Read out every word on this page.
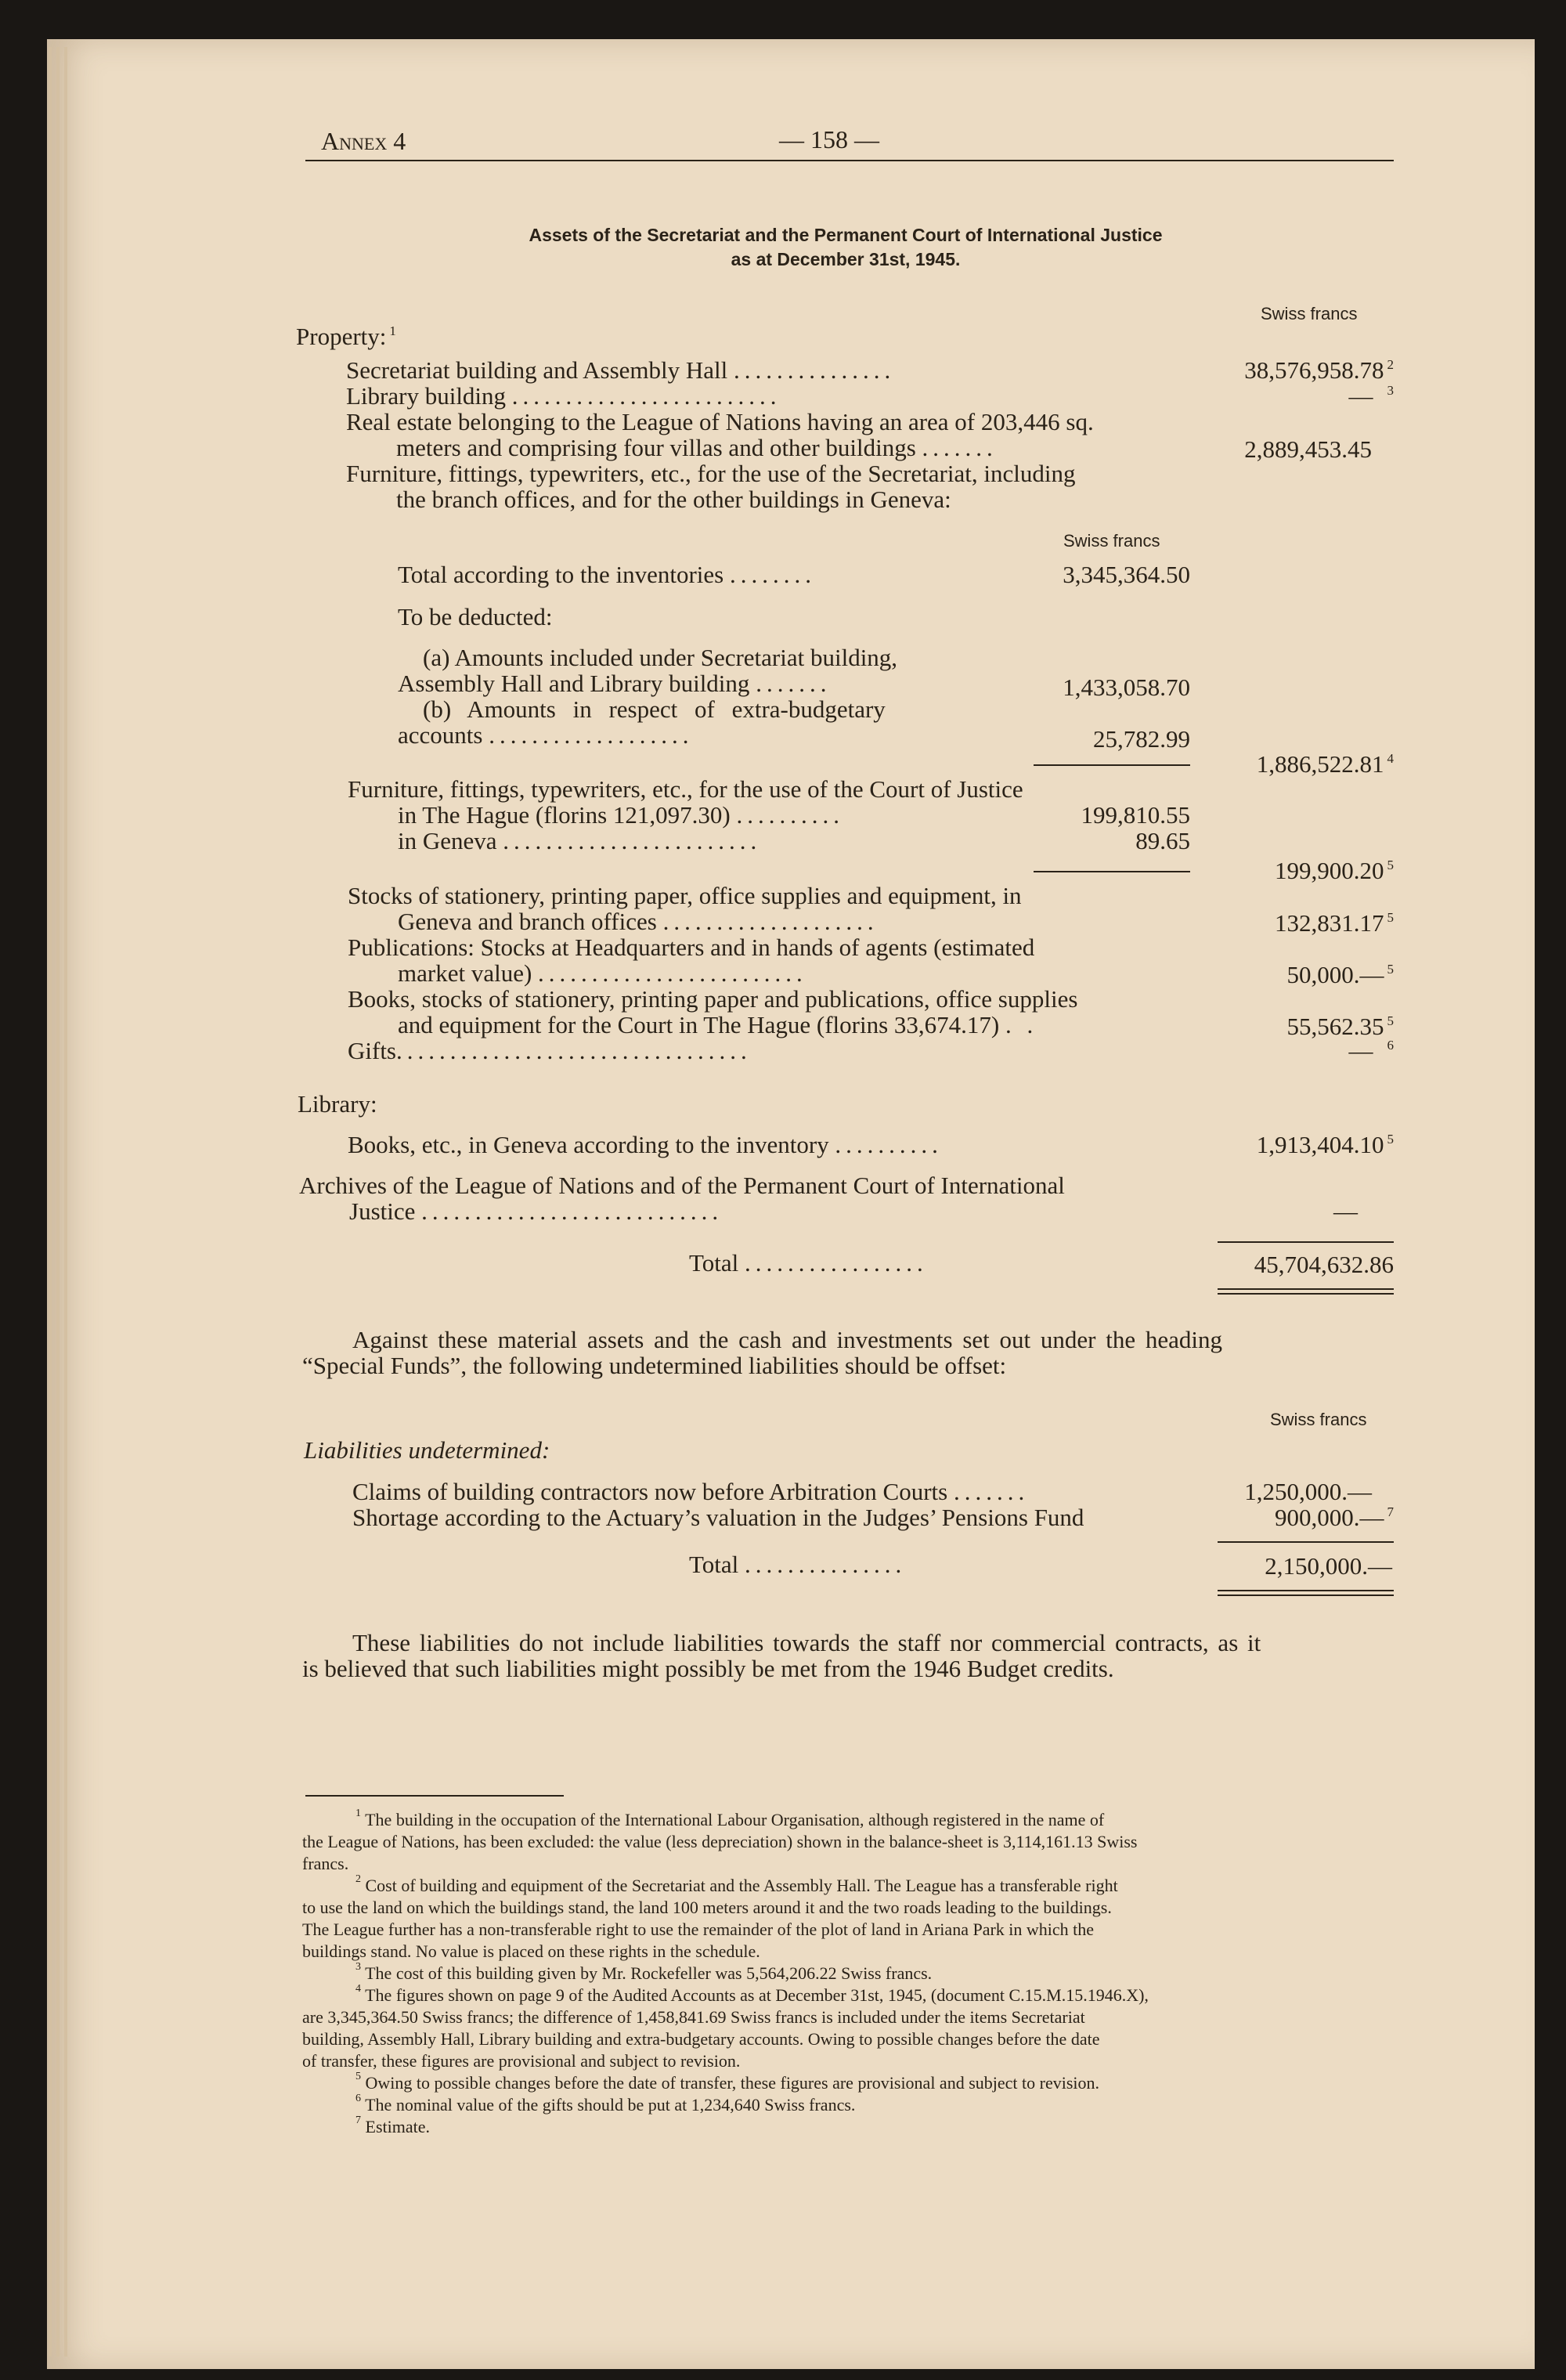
Annex 4	— 158 —
Assets of the Secretariat and the Permanent Court of International Justice
as at December 31st, 1945.
Swiss francs
Property: $^1$
Secretariat building and Assembly Hall ...............	38,576,958.78 $^2$
Library building .........................	— $^3$
Real estate belonging to the League of Nations having an area of 203,446 sq.
meters and comprising four villas and other buildings .......	2,889,453.45
Furniture, fittings, typewriters, etc., for the use of the Secretariat, including
the branch offices, and for the other buildings in Geneva:
Swiss francs
Total according to the inventories ........	3,345,364.50
To be deducted:
(a) Amounts included under Secretariat building,
Assembly Hall and Library building .......	1,433,058.70
(b) Amounts in respect of extra-budgetary
accounts ...................	25,782.99
1,886,522.81 $^4$
Furniture, fittings, typewriters, etc., for the use of the Court of Justice
in The Hague (florins 121,097.30) ..........	199,810.55
in Geneva ........................	89.65
199,900.20 $^5$
Stocks of stationery, printing paper, office supplies and equipment, in
Geneva and branch offices ....................	132,831.17 $^5$
Publications: Stocks at Headquarters and in hands of agents (estimated
market value) .........................	50,000.— $^5$
Books, stocks of stationery, printing paper and publications, office supplies
and equipment for the Court in The Hague (florins 33,674.17) . .	55,562.35 $^5$
Gifts.................................	— $^6$
Library:
Books, etc., in Geneva according to the inventory ..........	1,913,404.10 $^5$
Archives of the League of Nations and of the Permanent Court of International
Justice ............................	—
Total .................	45,704,632.86
Against these material assets and the cash and investments set out under the heading
“Special Funds”, the following undetermined liabilities should be offset:
Swiss francs
Liabilities undetermined:
Claims of building contractors now before Arbitration Courts .......	1,250,000.—
Shortage according to the Actuary’s valuation in the Judges’ Pensions Fund	900,000.— $^7$
Total ...............	2,150,000.—
These liabilities do not include liabilities towards the staff nor commercial contracts, as it
is believed that such liabilities might possibly be met from the 1946 Budget credits.
$^1$ The building in the occupation of the International Labour Organisation, although registered in the name of
the League of Nations, has been excluded: the value (less depreciation) shown in the balance-sheet is 3,114,161.13 Swiss
francs.
$^2$ Cost of building and equipment of the Secretariat and the Assembly Hall. The League has a transferable right
to use the land on which the buildings stand, the land 100 meters around it and the two roads leading to the buildings.
The League further has a non-transferable right to use the remainder of the plot of land in Ariana Park in which the
buildings stand. No value is placed on these rights in the schedule.
$^3$ The cost of this building given by Mr. Rockefeller was 5,564,206.22 Swiss francs.
$^4$ The figures shown on page 9 of the Audited Accounts as at December 31st, 1945, (document C.15.M.15.1946.X),
are 3,345,364.50 Swiss francs; the difference of 1,458,841.69 Swiss francs is included under the items Secretariat
building, Assembly Hall, Library building and extra-budgetary accounts. Owing to possible changes before the date
of transfer, these figures are provisional and subject to revision.
$^5$ Owing to possible changes before the date of transfer, these figures are provisional and subject to revision.
$^6$ The nominal value of the gifts should be put at 1,234,640 Swiss francs.
$^7$ Estimate.
